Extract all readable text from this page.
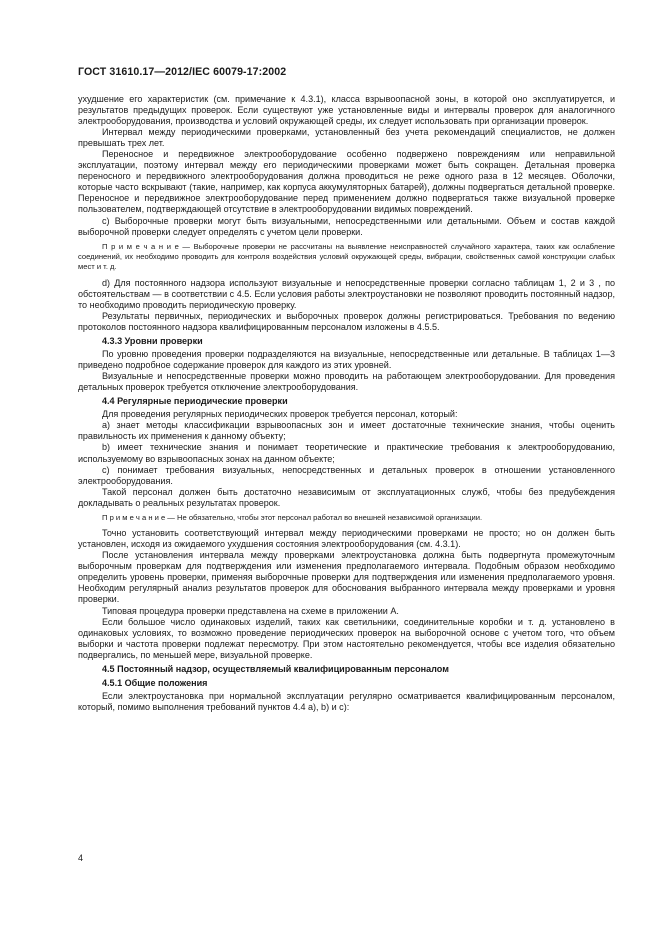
ГОСТ 31610.17—2012/IEC 60079-17:2002

ухудшение его характеристик (см. примечание к 4.3.1), класса взрывоопасной зоны, в которой оно эксплуатируется, и результатов предыдущих проверок. Если существуют уже установленные виды и интервалы проверок для аналогичного электрооборудования, производства и условий окружающей среды, их следует использовать при организации проверок.

Интервал между периодическими проверками, установленный без учета рекомендаций специалистов, не должен превышать трех лет.

Переносное и передвижное электрооборудование особенно подвержено повреждениям или неправильной эксплуатации, поэтому интервал между его периодическими проверками может быть сокращен. Детальная проверка переносного и передвижного электрооборудования должна проводиться не реже одного раза в 12 месяцев. Оболочки, которые часто вскрывают (такие, например, как корпуса аккумуляторных батарей), должны подвергаться детальной проверке. Переносное и передвижное электрооборудование перед применением должно подвергаться также визуальной проверке пользователем, подтверждающей отсутствие в электрооборудовании видимых повреждений.

с) Выборочные проверки могут быть визуальными, непосредственными или детальными. Объем и состав каждой выборочной проверки следует определять с учетом цели проверки.

П р и м е ч а н и е — Выборочные проверки не рассчитаны на выявление неисправностей случайного характера, таких как ослабление соединений, их необходимо проводить для контроля воздействия условий окружающей среды, вибрации, свойственных самой конструкции слабых мест и т. д.

d) Для постоянного надзора используют визуальные и непосредственные проверки согласно таблицам 1, 2 и 3 , по обстоятельствам — в соответствии с 4.5. Если условия работы электроустановки не позволяют проводить постоянный надзор, то необходимо проводить периодическую проверку.

Результаты первичных, периодических и выборочных проверок должны регистрироваться. Требования по ведению протоколов постоянного надзора квалифицированным персоналом изложены в 4.5.5.

4.3.3 Уровни проверки

По уровню проведения проверки подразделяются на визуальные, непосредственные или детальные. В таблицах 1—3 приведено подробное содержание проверок для каждого из этих уровней.

Визуальные и непосредственные проверки можно проводить на работающем электрооборудовании. Для проведения детальных проверок требуется отключение электрооборудования.

4.4 Регулярные периодические проверки

Для проведения регулярных периодических проверок требуется персонал, который:

а) знает методы классификации взрывоопасных зон и имеет достаточные технические знания, чтобы оценить правильность их применения к данному объекту;

b) имеет технические знания и понимает теоретические и практические требования к электрооборудованию, используемому во взрывоопасных зонах на данном объекте;

с) понимает требования визуальных, непосредственных и детальных проверок в отношении установленного электрооборудования.

Такой персонал должен быть достаточно независимым от эксплуатационных служб, чтобы без предубеждения докладывать о реальных результатах проверок.

П р и м е ч а н и е — Не обязательно, чтобы этот персонал работал во внешней независимой организации.

Точно установить соответствующий интервал между периодическими проверками не просто; но он должен быть установлен, исходя из ожидаемого ухудшения состояния электрооборудования (см. 4.3.1).

После установления интервала между проверками электроустановка должна быть подвергнута промежуточным выборочным проверкам для подтверждения или изменения предполагаемого интервала. Подобным образом необходимо определить уровень проверки, применяя выборочные проверки для подтверждения или изменения предполагаемого уровня. Необходим регулярный анализ результатов проверок для обоснования выбранного интервала между проверками и уровня проверки.

Типовая процедура проверки представлена на схеме в приложении А.

Если большое число одинаковых изделий, таких как светильники, соединительные коробки и т. д. установлено в одинаковых условиях, то возможно проведение периодических проверок на выборочной основе с учетом того, что объем выборки и частота проверки подлежат пересмотру. При этом настоятельно рекомендуется, чтобы все изделия обязательно подвергались, по меньшей мере, визуальной проверке.

4.5 Постоянный надзор, осуществляемый квалифицированным персоналом

4.5.1 Общие положения

Если электроустановка при нормальной эксплуатации регулярно осматривается квалифицированным персоналом, который, помимо выполнения требований пунктов 4.4 а), b) и с):

4
